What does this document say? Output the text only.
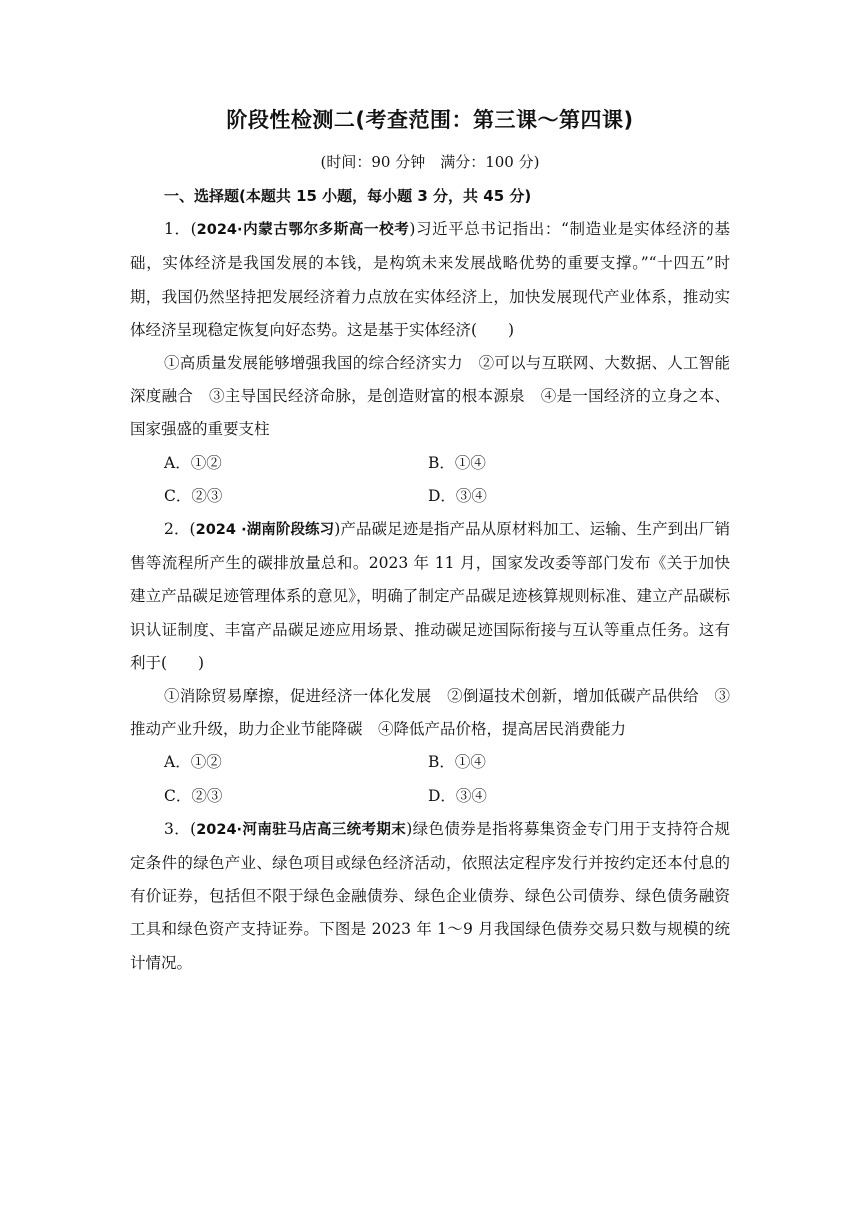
阶段性检测二(考查范围：第三课～第四课)
(时间：90 分钟　满分：100 分)

一、选择题(本题共 15 小题，每小题 3 分，共 45 分)

1．(2024·内蒙古鄂尔多斯高一校考)习近平总书记指出：“制造业是实体经济的基础，实体经济是我国发展的本钱，是构筑未来发展战略优势的重要支撑。”“十四五”时期，我国仍然坚持把发展经济着力点放在实体经济上，加快发展现代产业体系，推动实体经济呈现稳定恢复向好态势。这是基于实体经济(　　)

①高质量发展能够增强我国的综合经济实力　②可以与互联网、大数据、人工智能深度融合　③主导国民经济命脉，是创造财富的根本源泉　④是一国经济的立身之本、国家强盛的重要支柱

A．①②	B．①④
C．②③	D．③④

2．(2024 ·湖南阶段练习)产品碳足迹是指产品从原材料加工、运输、生产到出厂销售等流程所产生的碳排放量总和。2023 年 11 月，国家发改委等部门发布《关于加快建立产品碳足迹管理体系的意见》，明确了制定产品碳足迹核算规则标准、建立产品碳标识认证制度、丰富产品碳足迹应用场景、推动碳足迹国际衔接与互认等重点任务。这有利于(　　)

①消除贸易摩擦，促进经济一体化发展　②倒逼技术创新，增加低碳产品供给　③推动产业升级，助力企业节能降碳　④降低产品价格，提高居民消费能力

A．①②	B．①④
C．②③	D．③④

3．(2024·河南驻马店高三统考期末)绿色债券是指将募集资金专门用于支持符合规定条件的绿色产业、绿色项目或绿色经济活动，依照法定程序发行并按约定还本付息的有价证券，包括但不限于绿色金融债券、绿色企业债券、绿色公司债券、绿色债务融资工具和绿色资产支持证券。下图是 2023 年 1～9 月我国绿色债券交易只数与规模的统计情况。
